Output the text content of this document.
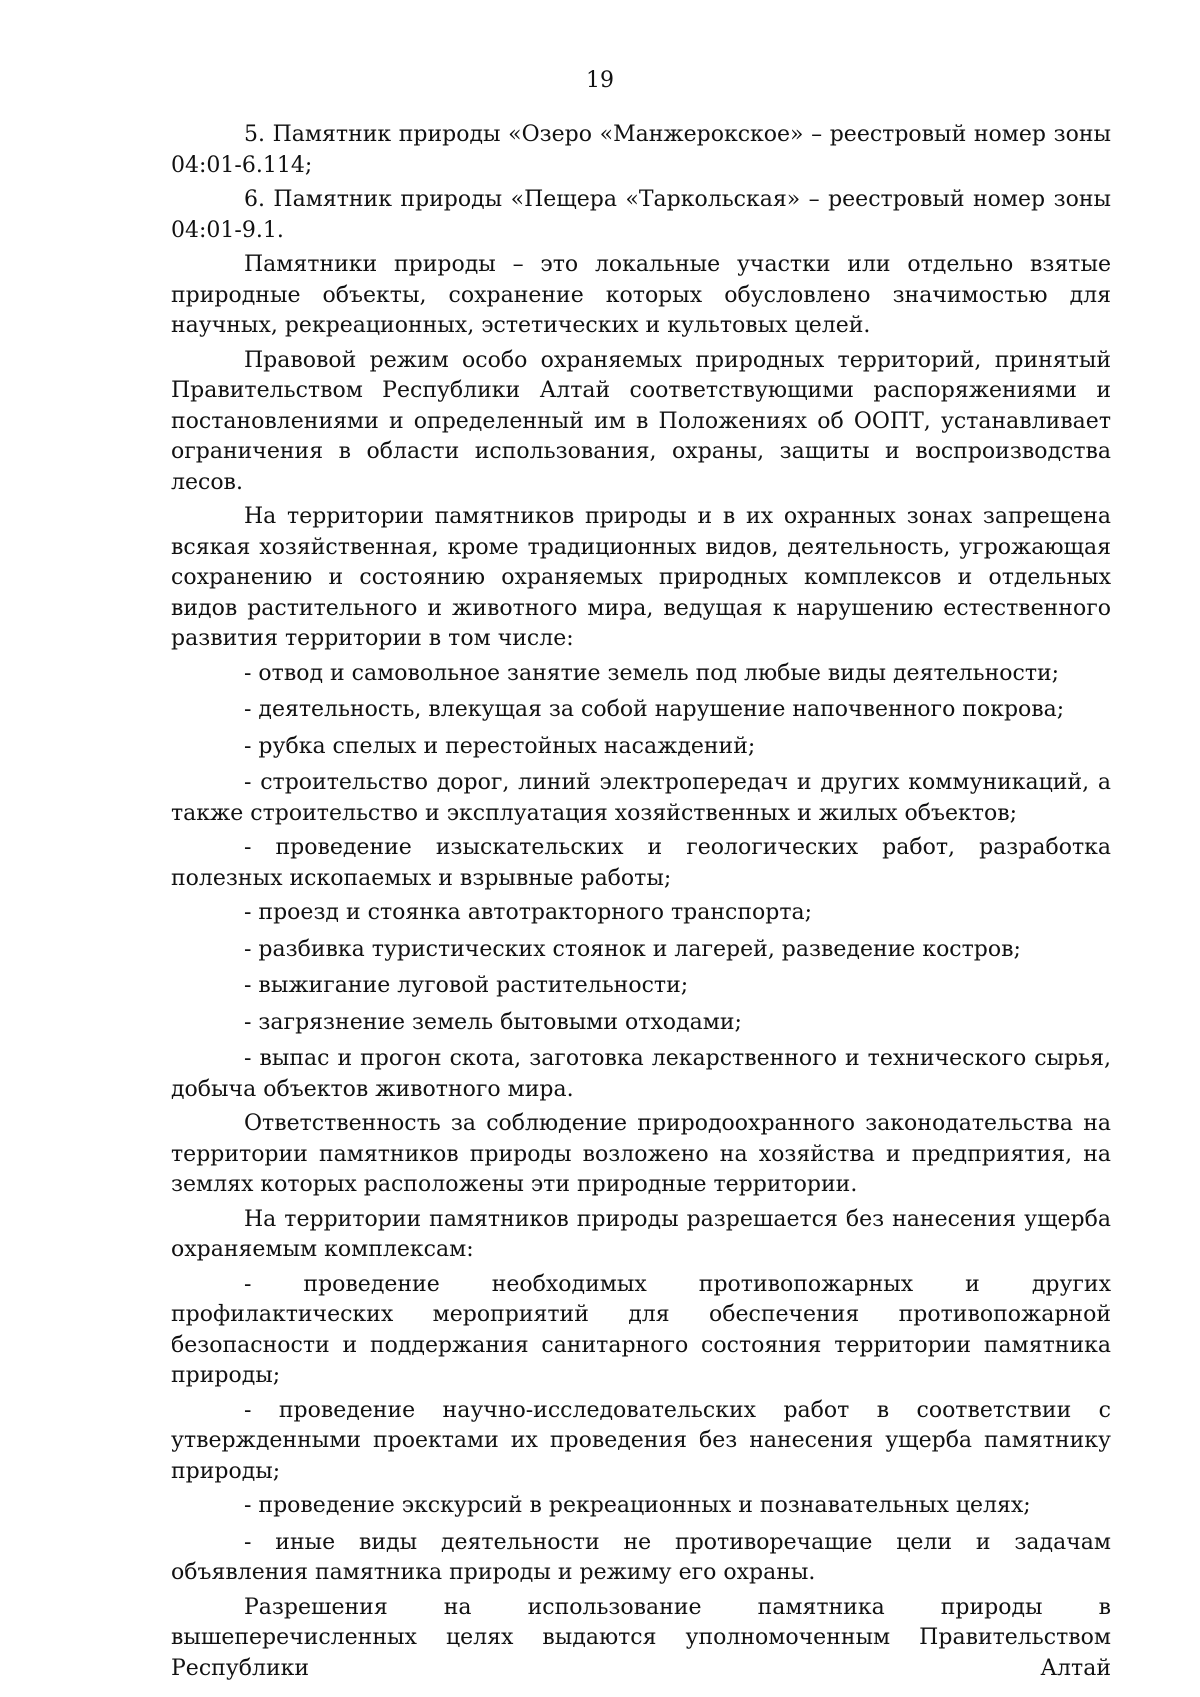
19

5. Памятник природы «Озеро «Манжерокское» – реестровый номер зоны 04:01-6.114;

6. Памятник природы «Пещера «Таркольская» – реестровый номер зоны 04:01-9.1.

Памятники природы – это локальные участки или отдельно взятые природные объекты, сохранение которых обусловлено значимостью для научных, рекреационных, эстетических и культовых целей.

Правовой режим особо охраняемых природных территорий, принятый Правительством Республики Алтай соответствующими распоряжениями и постановлениями и определенный им в Положениях об ООПТ, устанавливает ограничения в области использования, охраны, защиты и воспроизводства лесов.

На территории памятников природы и в их охранных зонах запрещена всякая хозяйственная, кроме традиционных видов, деятельность, угрожающая сохранению и состоянию охраняемых природных комплексов и отдельных видов растительного и животного мира, ведущая к нарушению естественного развития территории в том числе:

- отвод и самовольное занятие земель под любые виды деятельности;

- деятельность, влекущая за собой нарушение напочвенного покрова;

- рубка спелых и перестойных насаждений;

- строительство дорог, линий электропередач и других коммуникаций, а также строительство и эксплуатация хозяйственных и жилых объектов;

- проведение изыскательских и геологических работ, разработка полезных ископаемых и взрывные работы;

- проезд и стоянка автотракторного транспорта;

- разбивка туристических стоянок и лагерей, разведение костров;

- выжигание луговой растительности;

- загрязнение земель бытовыми отходами;

- выпас и прогон скота, заготовка лекарственного и технического сырья, добыча объектов животного мира.

Ответственность за соблюдение природоохранного законодательства на территории памятников природы возложено на хозяйства и предприятия, на землях которых расположены эти природные территории.

На территории памятников природы разрешается без нанесения ущерба охраняемым комплексам:

- проведение необходимых противопожарных и других профилактических мероприятий для обеспечения противопожарной безопасности и поддержания санитарного состояния территории памятника природы;

- проведение научно-исследовательских работ в соответствии с утвержденными проектами их проведения без нанесения ущерба памятнику природы;

- проведение экскурсий в рекреационных и познавательных целях;

- иные виды деятельности не противоречащие цели и задачам объявления памятника природы и режиму его охраны.

Разрешения на использование памятника природы в вышеперечисленных целях выдаются уполномоченным Правительством Республики Алтай
